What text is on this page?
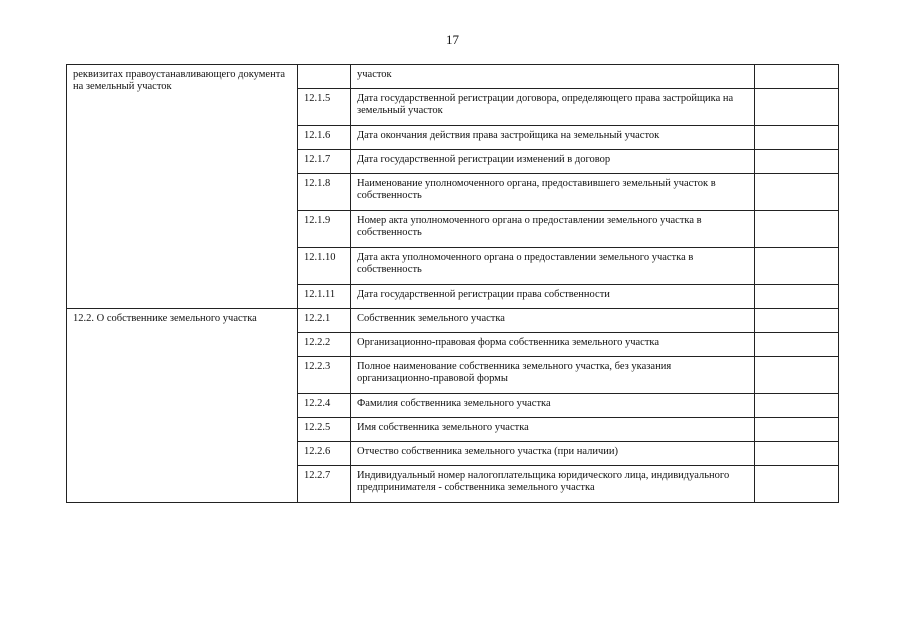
17
реквизитах правоустанавливающего документа на земельный участок		участок	
	12.1.5	Дата государственной регистрации договора, определяющего права застройщика на земельный участок	
	12.1.6	Дата окончания действия права застройщика на земельный участок	
	12.1.7	Дата государственной регистрации изменений в договор	
	12.1.8	Наименование уполномоченного органа, предоставившего земельный участок в собственность	
	12.1.9	Номер акта уполномоченного органа о предоставлении земельного участка в собственность	
	12.1.10	Дата акта уполномоченного органа о предоставлении земельного участка в собственность	
	12.1.11	Дата государственной регистрации права собственности	
12.2. О собственнике земельного участка	12.2.1	Собственник земельного участка	
	12.2.2	Организационно-правовая форма собственника земельного участка	
	12.2.3	Полное наименование собственника земельного участка, без указания организационно-правовой формы	
	12.2.4	Фамилия собственника земельного участка	
	12.2.5	Имя собственника земельного участка	
	12.2.6	Отчество собственника земельного участка (при наличии)	
	12.2.7	Индивидуальный номер налогоплательщика юридического лица, индивидуального предпринимателя - собственника земельного участка	
